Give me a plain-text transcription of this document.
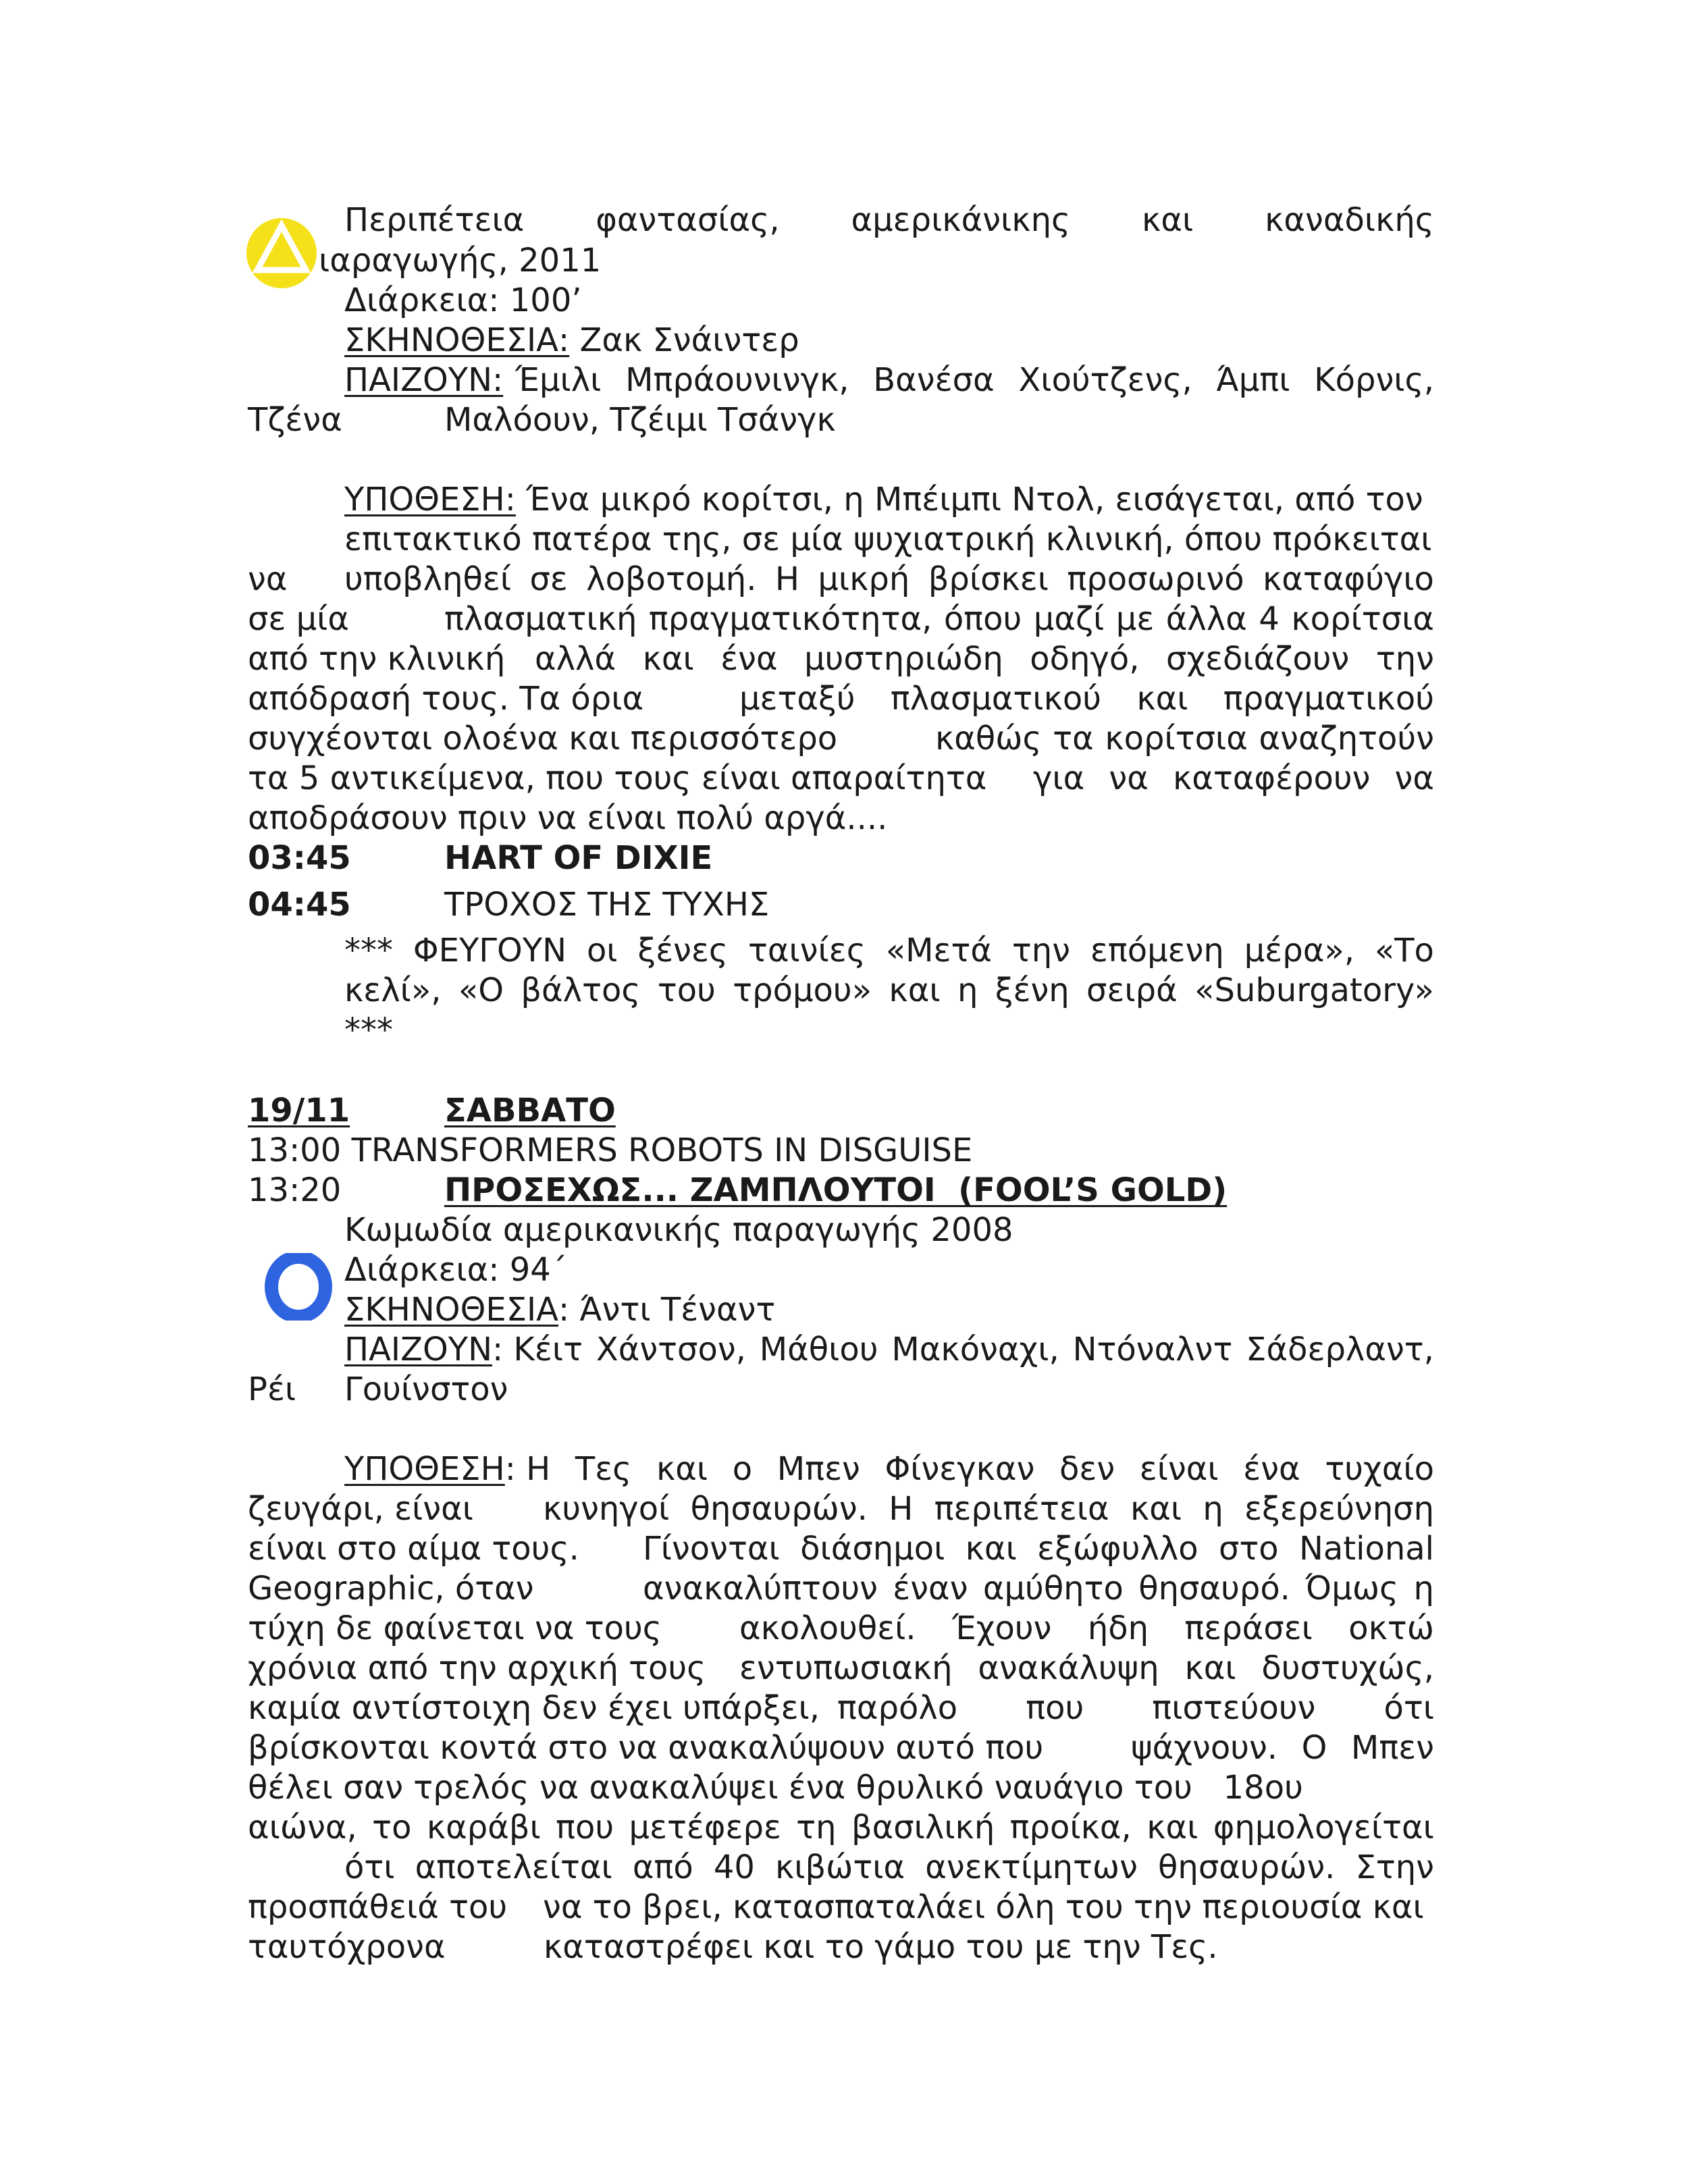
Περιπέτεια φαντασίας, αμερικάνικης και καναδικής
ιαραγωγής, 2011
Διάρκεια: 100’
ΣΚΗΝΟΘΕΣΙΑ: Ζακ Σνάιντερ
ΠΑΙΖΟΥΝ: Έμιλι Μπράουνινγκ, Βανέσα Χιούτζενς, Άμπι Κόρνις,
Τζένα	Μαλόουν, Τζέιμι Τσάνγκ
ΥΠΟΘΕΣΗ: Ένα μικρό κορίτσι, η Μπέιμπι Ντολ, εισάγεται, από τον
επιτακτικό πατέρα της, σε μία ψυχιατρική κλινική, όπου πρόκειται
να	υποβληθεί σε λοβοτομή. Η μικρή βρίσκει προσωρινό καταφύγιο
σε μία	πλασματική πραγματικότητα, όπου μαζί με άλλα 4 κορίτσια
από την κλινική αλλά και ένα μυστηριώδη οδηγό, σχεδιάζουν την
απόδρασή τους. Τα όρια	μεταξύ πλασματικού και πραγματικού
συγχέονται ολοένα και περισσότερο	καθώς τα κορίτσια αναζητούν
τα 5 αντικείμενα, που τους είναι απαραίτητα	για να καταφέρουν να
αποδράσουν πριν να είναι πολύ αργά....
03:45	HART OF DIXIE
04:45	ΤΡΟΧΟΣ ΤΗΣ ΤΥΧΗΣ
*** ΦΕΥΓΟΥΝ οι ξένες ταινίες «Μετά την επόμενη μέρα», «Το
κελί», «Ο βάλτος του τρόμου» και η ξένη σειρά «Suburgatory»
***
19/11	ΣΑΒΒΑΤΟ
13:00 TRANSFORMERS ROBOTS IN DISGUISE
13:20	ΠΡΟΣΕΧΩΣ... ΖΑΜΠΛΟΥΤΟΙ  (FOOL’S GOLD)
Κωμωδία αμερικανικής παραγωγής 2008
Διάρκεια: 94΄
ΣΚΗΝΟΘΕΣΙΑ: Άντι Τέναντ
ΠΑΙΖΟΥΝ : Κέιτ Χάντσον, Μάθιου Μακόναχι, Ντόναλντ Σάδερλαντ,
Ρέι Γουίνστον
ΥΠΟΘΕΣΗ : Η Τες και ο Μπεν Φίνεγκαν δεν είναι ένα τυχαίο
ζευγάρι, είναι	κυνηγοί θησαυρών. Η περιπέτεια και η εξερεύνηση
είναι στο αίμα τους.	Γίνονται διάσημοι και εξώφυλλο στο National
Geographic, όταν	ανακαλύπτουν έναν αμύθητο θησαυρό. Όμως η
τύχη δε φαίνεται να τους	ακολουθεί. Έχουν ήδη περάσει οκτώ
χρόνια από την αρχική τους	εντυπωσιακή ανακάλυψη και δυστυχώς,
καμία αντίστοιχη δεν έχει υπάρξει, παρόλο που πιστεύουν ότι
βρίσκονται κοντά στο να ανακαλύψουν αυτό που	ψάχνουν. Ο Μπεν
θέλει σαν τρελός να ανακαλύψει ένα θρυλικό ναυάγιο του   18ου
αιώνα, το καράβι που μετέφερε τη βασιλική προίκα, και φημολογείται
ότι αποτελείται από 40 κιβώτια ανεκτίμητων θησαυρών. Στην
προσπάθειά του	να το βρει, κατασπαταλάει όλη του την περιουσία και
ταυτόχρονα	καταστρέφει και το γάμο του με την Τες.
